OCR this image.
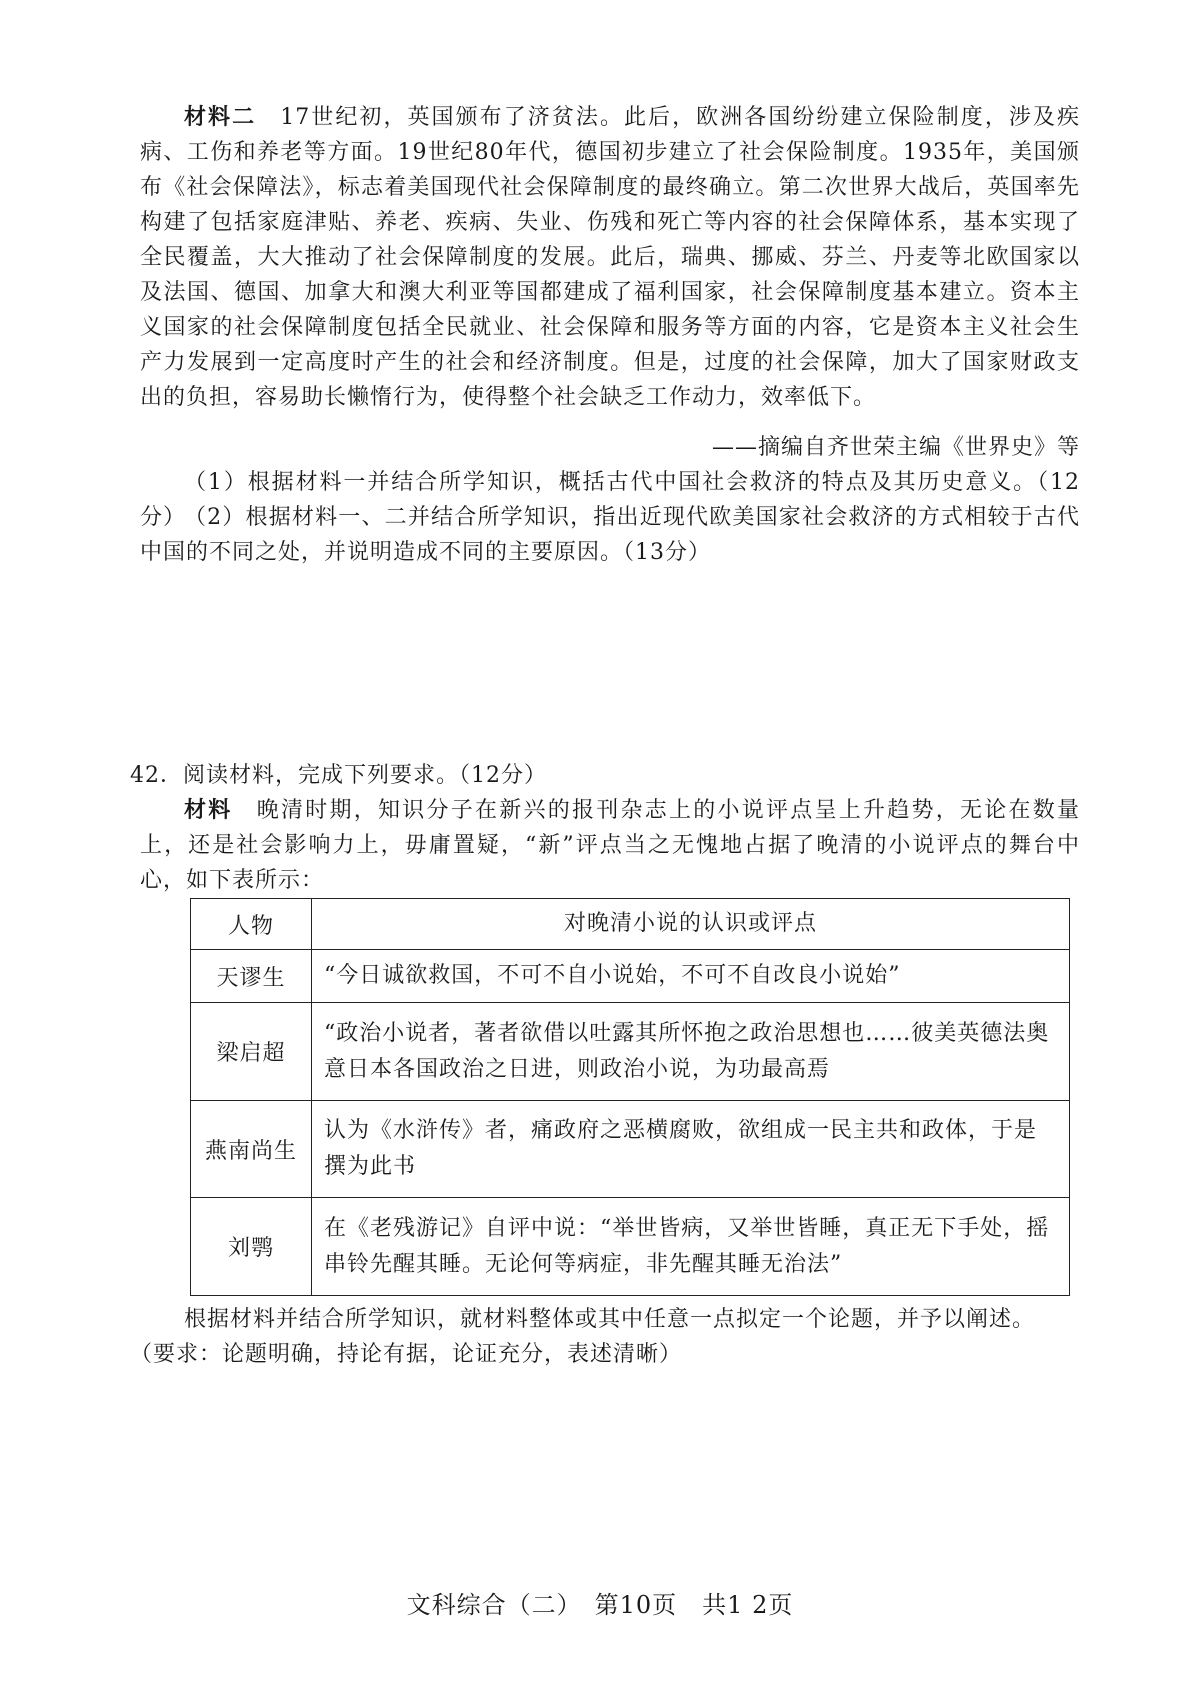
材料二　17世纪初，英国颁布了济贫法。此后，欧洲各国纷纷建立保险制度，涉及疾病、工伤和养老等方面。19世纪80年代，德国初步建立了社会保险制度。1935年，美国颁布《社会保障法》，标志着美国现代社会保障制度的最终确立。第二次世界大战后，英国率先构建了包括家庭津贴、养老、疾病、失业、伤残和死亡等内容的社会保障体系，基本实现了全民覆盖，大大推动了社会保障制度的发展。此后，瑞典、挪威、芬兰、丹麦等北欧国家以及法国、德国、加拿大和澳大利亚等国都建成了福利国家，社会保障制度基本建立。资本主义国家的社会保障制度包括全民就业、社会保障和服务等方面的内容，它是资本主义社会生产力发展到一定高度时产生的社会和经济制度。但是，过度的社会保障，加大了国家财政支出的负担，容易助长懒惰行为，使得整个社会缺乏工作动力，效率低下。

——摘编自齐世荣主编《世界史》等

（1）根据材料一并结合所学知识，概括古代中国社会救济的特点及其历史意义。（12分）

（2）根据材料一、二并结合所学知识，指出近现代欧美国家社会救济的方式相较于古代中国的不同之处，并说明造成不同的主要原因。（13分）

42．阅读材料，完成下列要求。（12分）

材料　晚清时期，知识分子在新兴的报刊杂志上的小说评点呈上升趋势，无论在数量上，还是社会影响力上，毋庸置疑，“新”评点当之无愧地占据了晚清的小说评点的舞台中心，如下表所示：

人物	对晚清小说的认识或评点
天谬生	“今日诚欲救国，不可不自小说始，不可不自改良小说始”
梁启超	“政治小说者，著者欲借以吐露其所怀抱之政治思想也……彼美英德法奥意日本各国政治之日进，则政治小说，为功最高焉
燕南尚生	认为《水浒传》者，痛政府之恶横腐败，欲组成一民主共和政体，于是撰为此书
刘鹗	在《老残游记》自评中说：“举世皆病，又举世皆睡，真正无下手处，摇串铃先醒其睡。无论何等病症，非先醒其睡无治法”

根据材料并结合所学知识，就材料整体或其中任意一点拟定一个论题，并予以阐述。

（要求：论题明确，持论有据，论证充分，表述清晰）

文科综合（二）　第10页　共1 2页
